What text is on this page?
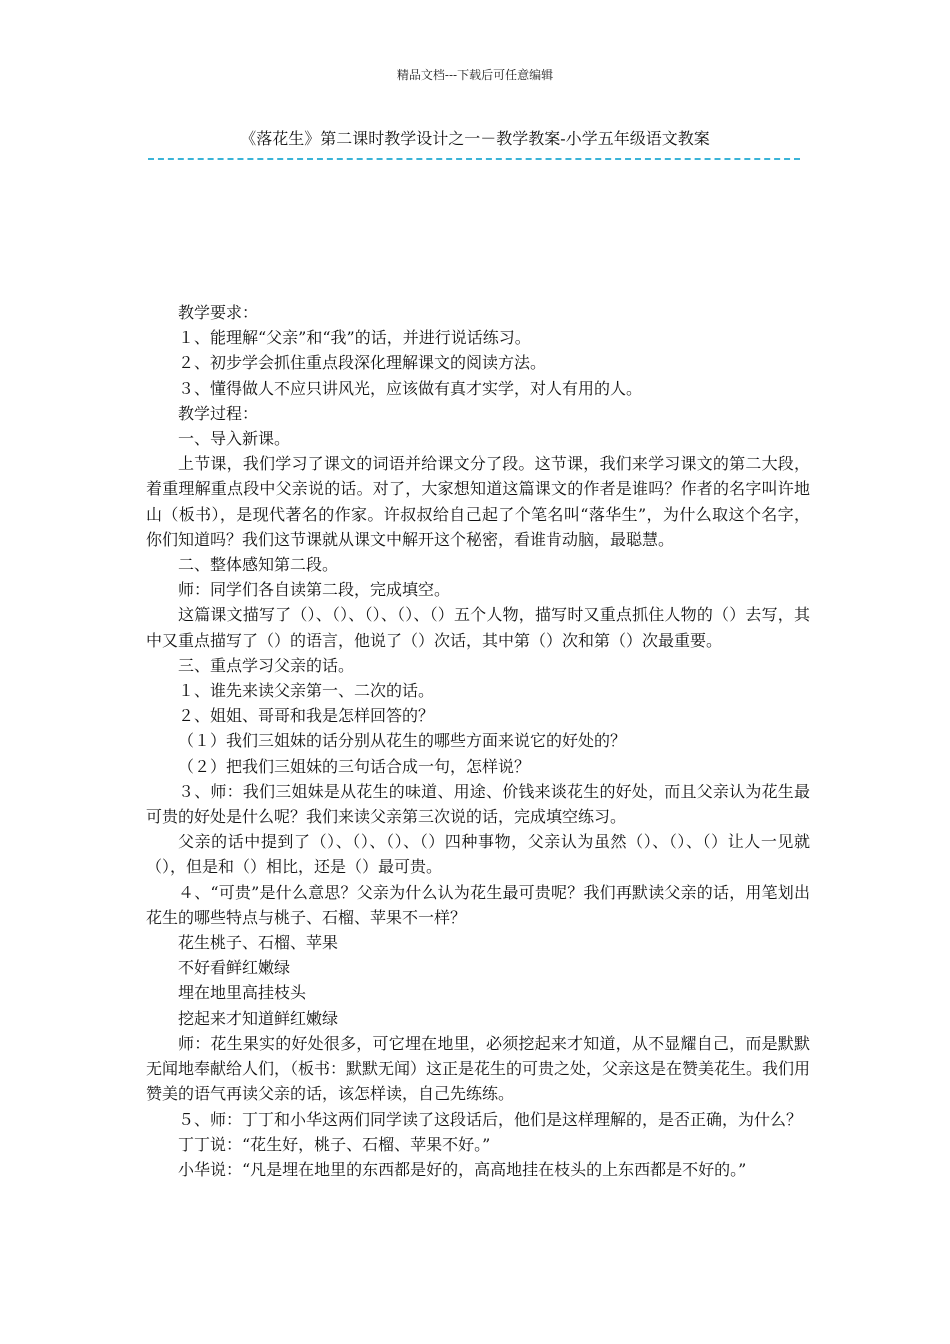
精品文档---下载后可任意编辑
《落花生》第二课时教学设计之一－教学教案-小学五年级语文教案

教学要求：

１、能理解“父亲”和“我”的话，并进行说话练习。

２、初步学会抓住重点段深化理解课文的阅读方法。

３、懂得做人不应只讲风光，应该做有真才实学，对人有用的人。

教学过程：

一、导入新课。

上节课，我们学习了课文的词语并给课文分了段。这节课，我们来学习课文的第二大段，着重理解重点段中父亲说的话。对了，大家想知道这篇课文的作者是谁吗？作者的名字叫许地山（板书），是现代著名的作家。许叔叔给自己起了个笔名叫“落华生”，为什么取这个名字，你们知道吗？我们这节课就从课文中解开这个秘密，看谁肯动脑，最聪慧。

二、整体感知第二段。

师：同学们各自读第二段，完成填空。

这篇课文描写了（）、（）、（）、（）、（）五个人物，描写时又重点抓住人物的（）去写，其中又重点描写了（）的语言，他说了（）次话，其中第（）次和第（）次最重要。

三、重点学习父亲的话。

１、谁先来读父亲第一、二次的话。

２、姐姐、哥哥和我是怎样回答的？

（１）我们三姐妹的话分别从花生的哪些方面来说它的好处的？

（２）把我们三姐妹的三句话合成一句，怎样说？

３、师：我们三姐妹是从花生的味道、用途、价钱来谈花生的好处，而且父亲认为花生最可贵的好处是什么呢？我们来读父亲第三次说的话，完成填空练习。

父亲的话中提到了（）、（）、（）、（）四种事物，父亲认为虽然（）、（）、（）让人一见就（），但是和（）相比，还是（）最可贵。

４、“可贵”是什么意思？父亲为什么认为花生最可贵呢？我们再默读父亲的话，用笔划出花生的哪些特点与桃子、石榴、苹果不一样？

花生桃子、石榴、苹果

不好看鲜红嫩绿

埋在地里高挂枝头

挖起来才知道鲜红嫩绿

师：花生果实的好处很多，可它埋在地里，必须挖起来才知道，从不显耀自己，而是默默无闻地奉献给人们，（板书：默默无闻）这正是花生的可贵之处，父亲这是在赞美花生。我们用赞美的语气再读父亲的话，该怎样读，自己先练练。

５、师：丁丁和小华这两们同学读了这段话后，他们是这样理解的，是否正确，为什么？

丁丁说：“花生好，桃子、石榴、苹果不好。”

小华说：“凡是埋在地里的东西都是好的，高高地挂在枝头的上东西都是不好的。”
